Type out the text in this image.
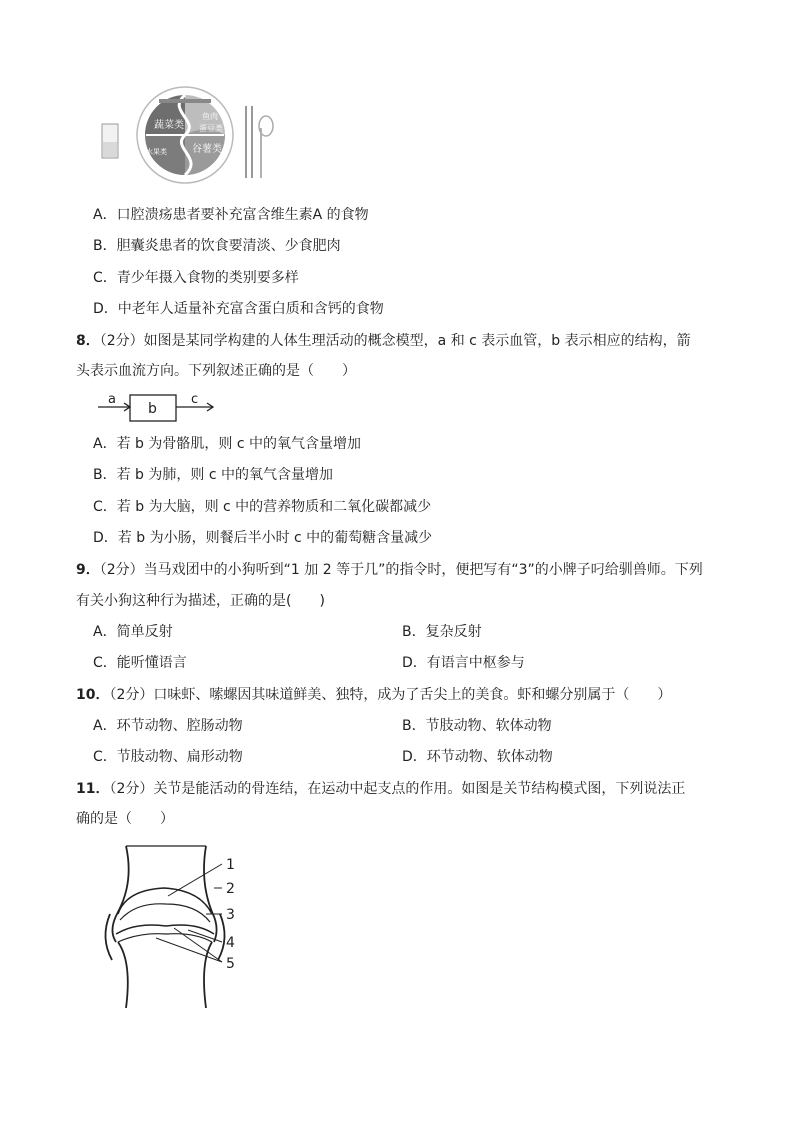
蔬菜类
鱼肉
蛋豆类
水果类	谷薯类
A．口腔溃疡患者要补充富含维生素A 的食物
B．胆囊炎患者的饮食要清淡、少食肥肉
C．青少年摄入食物的类别要多样
D．中老年人适量补充富含蛋白质和含钙的食物
8．（2分）如图是某同学构建的人体生理活动的概念模型，a 和 c 表示血管，b 表示相应的结构，箭
头表示血流方向。下列叙述正确的是（　　）
a
b
c
A．若 b 为骨骼肌，则 c 中的氧气含量增加
B．若 b 为肺，则 c 中的氧气含量增加
C．若 b 为大脑，则 c 中的营养物质和二氧化碳都减少
D．若 b 为小肠，则餐后半小时 c 中的葡萄糖含量减少
9．（2分）当马戏团中的小狗听到“1 加 2 等于几”的指令时，便把写有“3”的小牌子叼给驯兽师。下列
有关小狗这种行为描述，正确的是(　　)
A．简单反射	B．复杂反射
C．能听懂语言	D．有语言中枢参与
10．（2分）口味虾、嗦螺因其味道鲜美、独特，成为了舌尖上的美食。虾和螺分别属于（　　）
A．环节动物、腔肠动物	B．节肢动物、软体动物
C．节肢动物、扁形动物	D．环节动物、软体动物
11．（2分）关节是能活动的骨连结，在运动中起支点的作用。如图是关节结构模式图，下列说法正
确的是（　　）
1
2
3
4
5
